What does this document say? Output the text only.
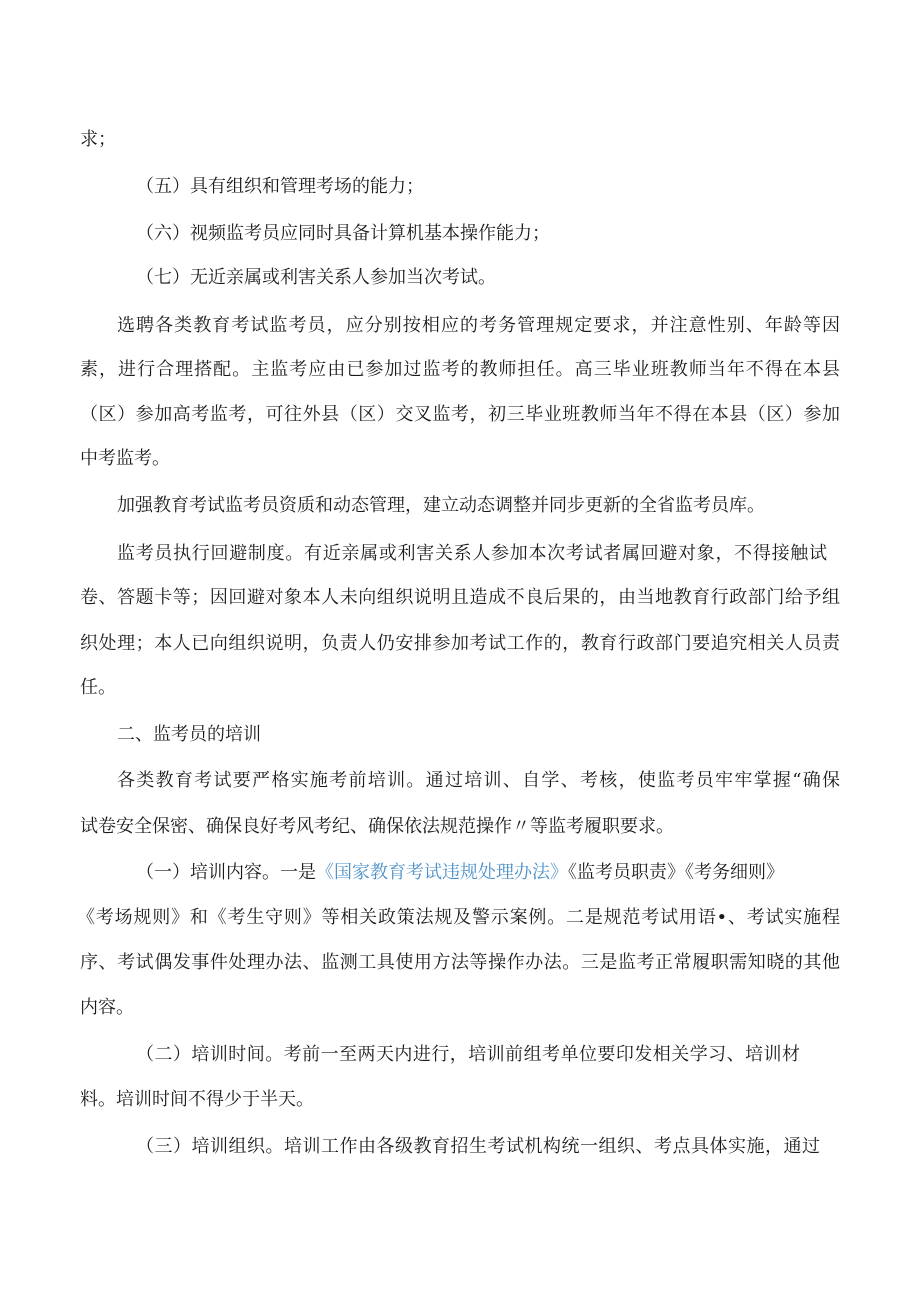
求；
（五）具有组织和管理考场的能力；
（六）视频监考员应同时具备计算机基本操作能力；
（七）无近亲属或利害关系人参加当次考试。
选聘各类教育考试监考员，应分别按相应的考务管理规定要求，并注意性别、年龄等因
素，进行合理搭配。主监考应由已参加过监考的教师担任。高三毕业班教师当年不得在本县
（区）参加高考监考，可往外县（区）交叉监考，初三毕业班教师当年不得在本县（区）参加
中考监考。
加强教育考试监考员资质和动态管理，建立动态调整并同步更新的全省监考员库。
监考员执行回避制度。有近亲属或利害关系人参加本次考试者属回避对象，不得接触试
卷、答题卡等；因回避对象本人未向组织说明且造成不良后果的，由当地教育行政部门给予组
织处理；本人已向组织说明，负责人仍安排参加考试工作的，教育行政部门要追究相关人员责
任。
二、监考员的培训
各类教育考试要严格实施考前培训。通过培训、自学、考核，使监考员牢牢掌握“确保
试卷安全保密、确保良好考风考纪、确保依法规范操作〃等监考履职要求。
（一）培训内容。一是《国家教育考试违规处理办法》《监考员职责》《考务细则》
《考场规则》和《考生守则》等相关政策法规及警示案例。二是规范考试用语•、考试实施程
序、考试偶发事件处理办法、监测工具使用方法等操作办法。三是监考正常履职需知晓的其他
内容。
（二）培训时间。考前一至两天内进行，培训前组考单位要印发相关学习、培训材
料。培训时间不得少于半天。
（三）培训组织。培训工作由各级教育招生考试机构统一组织、考点具体实施，通过
